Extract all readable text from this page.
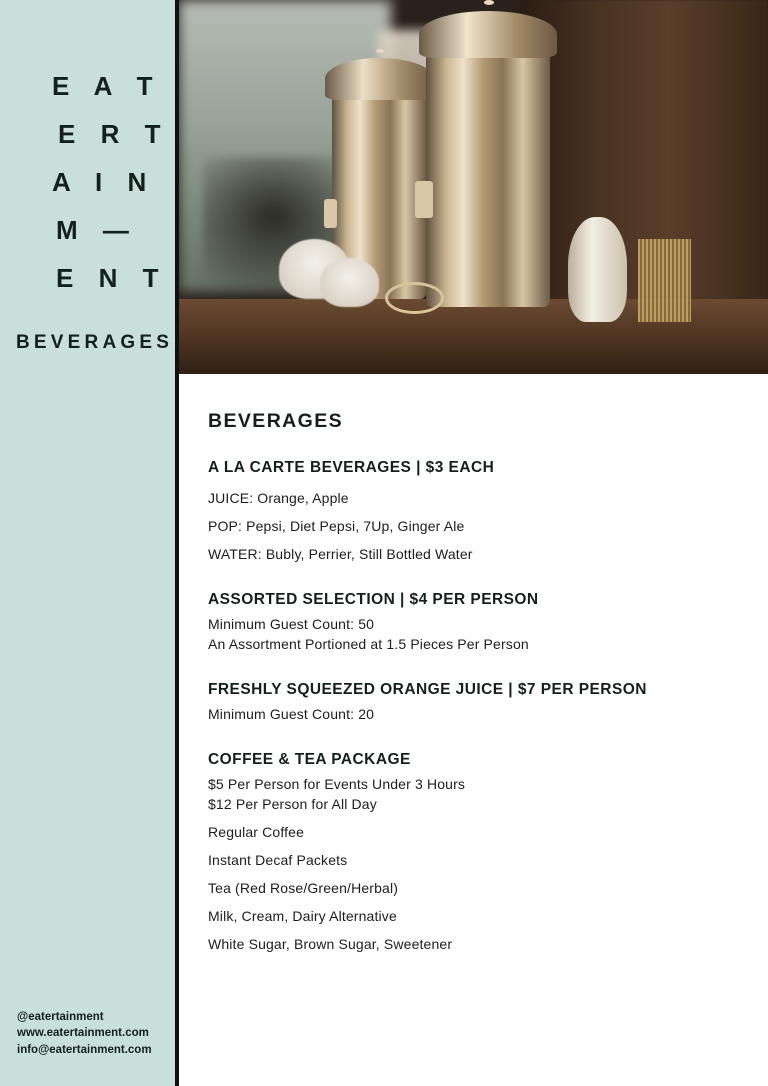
E A T
E R T
A I N
M —
E N T
BEVERAGES
@eatertainment
www.eatertainment.com
info@eatertainment.com
BEVERAGES
A LA CARTE BEVERAGES | $3 EACH
JUICE: Orange, Apple
POP: Pepsi, Diet Pepsi, 7Up, Ginger Ale
WATER: Bubly, Perrier, Still Bottled Water
ASSORTED SELECTION | $4 PER PERSON
Minimum Guest Count: 50
An Assortment Portioned at 1.5 Pieces Per Person
FRESHLY SQUEEZED ORANGE JUICE | $7 PER PERSON
Minimum Guest Count: 20
COFFEE & TEA PACKAGE
$5 Per Person for Events Under 3 Hours
$12 Per Person for All Day
Regular Coffee
Instant Decaf Packets
Tea (Red Rose/Green/Herbal)
Milk, Cream, Dairy Alternative
White Sugar, Brown Sugar, Sweetener
